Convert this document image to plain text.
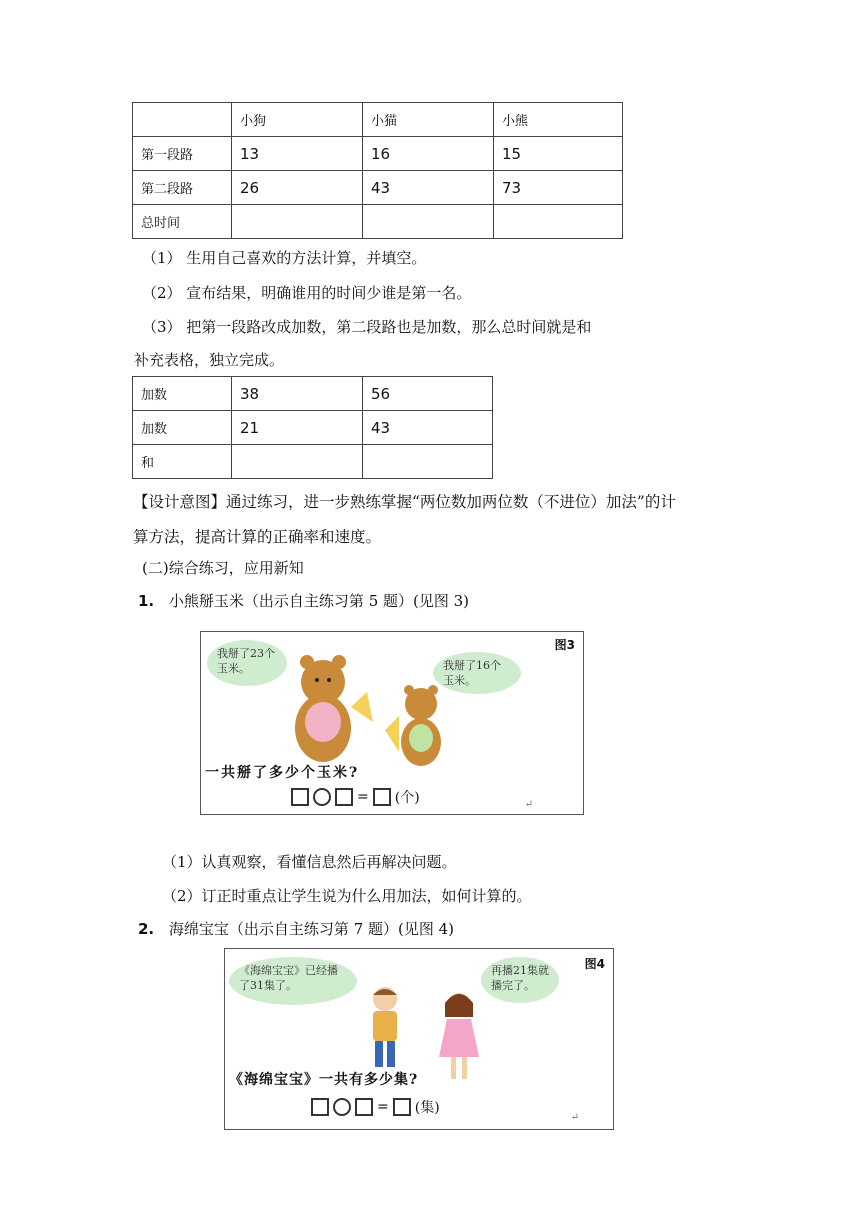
	小狗	小猫	小熊
第一段路	13	16	15
第二段路	26	43	73
总时间			
（1） 生用自己喜欢的方法计算，并填空。
（2） 宣布结果，明确谁用的时间少谁是第一名。
（3） 把第一段路改成加数，第二段路也是加数，那么总时间就是和
补充表格，独立完成。
加数	38	56
加数	21	43
和		
【设计意图】通过练习，进一步熟练掌握“两位数加两位数（不进位）加法”的计
算方法，提高计算的正确率和速度。
(二)综合练习，应用新知
1. 小熊掰玉米（出示自主练习第 5 题）(见图 3)
图3
我掰了23个玉米。	我掰了16个玉米。
一共掰了多少个玉米?
= (个)	↵
（1）认真观察，看懂信息然后再解决问题。
（2）订正时重点让学生说为什么用加法，如何计算的。
2. 海绵宝宝（出示自主练习第 7 题）(见图 4)
图4
《海绵宝宝》已经播了31集了。
再播21集就播完了。
《海绵宝宝》一共有多少集?
= (集)
↵
